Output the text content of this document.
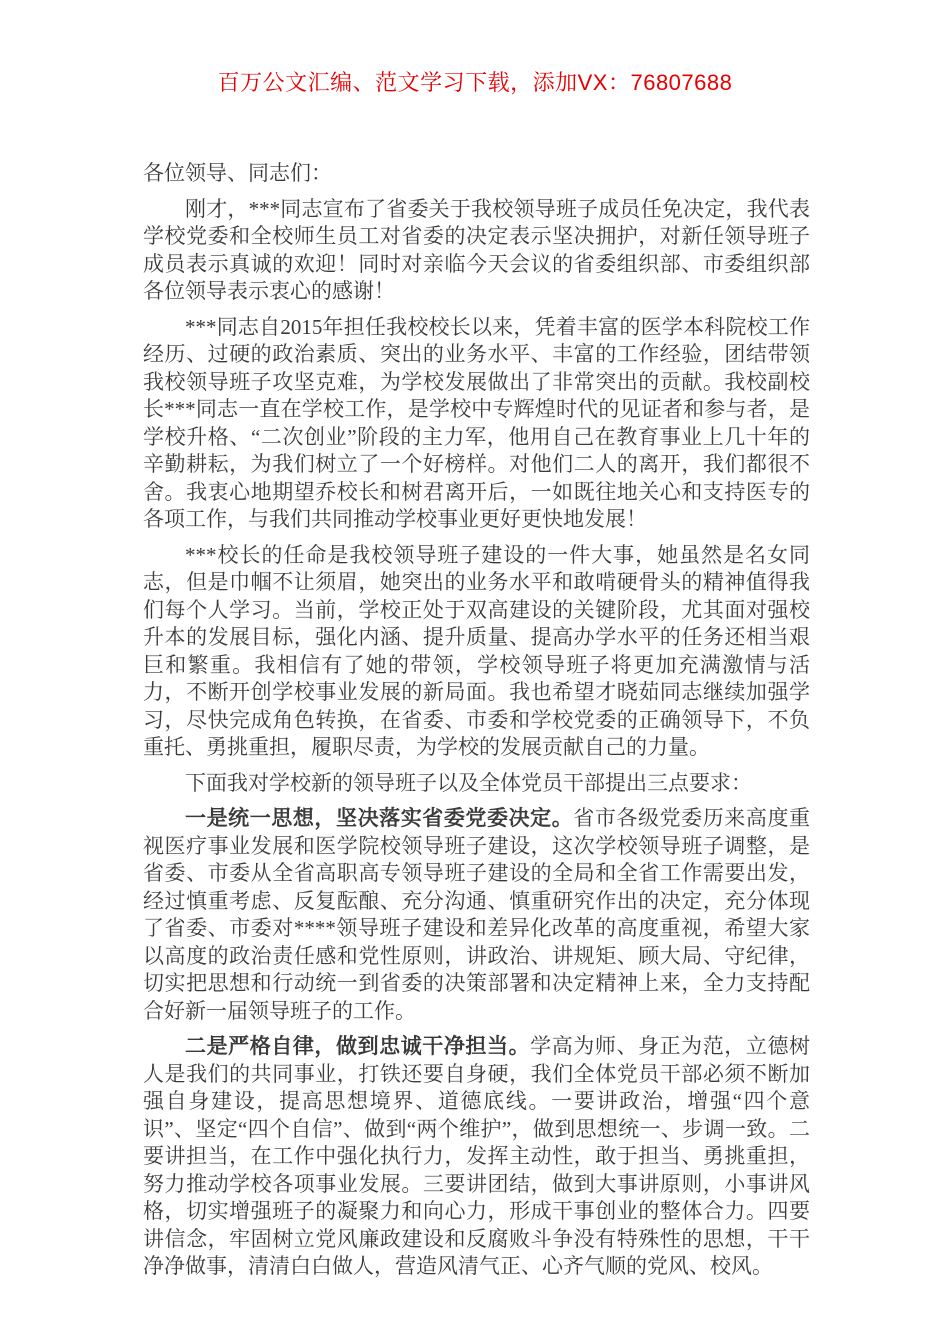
百万公文汇编、范文学习下载，添加VX：76807688

各位领导、同志们：

刚才，***同志宣布了省委关于我校领导班子成员任免决定，我代表学校党委和全校师生员工对省委的决定表示坚决拥护，对新任领导班子成员表示真诚的欢迎！同时对亲临今天会议的省委组织部、市委组织部各位领导表示衷心的感谢！

***同志自2015年担任我校校长以来，凭着丰富的医学本科院校工作经历、过硬的政治素质、突出的业务水平、丰富的工作经验，团结带领我校领导班子攻坚克难，为学校发展做出了非常突出的贡献。我校副校长***同志一直在学校工作，是学校中专辉煌时代的见证者和参与者，是学校升格、“二次创业”阶段的主力军，他用自己在教育事业上几十年的辛勤耕耘，为我们树立了一个好榜样。对他们二人的离开，我们都很不舍。我衷心地期望乔校长和树君离开后，一如既往地关心和支持医专的各项工作，与我们共同推动学校事业更好更快地发展！

***校长的任命是我校领导班子建设的一件大事，她虽然是名女同志，但是巾帼不让须眉，她突出的业务水平和敢啃硬骨头的精神值得我们每个人学习。当前，学校正处于双高建设的关键阶段，尤其面对强校升本的发展目标，强化内涵、提升质量、提高办学水平的任务还相当艰巨和繁重。我相信有了她的带领，学校领导班子将更加充满激情与活力，不断开创学校事业发展的新局面。我也希望才晓茹同志继续加强学习，尽快完成角色转换，在省委、市委和学校党委的正确领导下，不负重托、勇挑重担，履职尽责，为学校的发展贡献自己的力量。

下面我对学校新的领导班子以及全体党员干部提出三点要求：

一是统一思想，坚决落实省委党委决定。省市各级党委历来高度重视医疗事业发展和医学院校领导班子建设，这次学校领导班子调整，是省委、市委从全省高职高专领导班子建设的全局和全省工作需要出发，经过慎重考虑、反复酝酿、充分沟通、慎重研究作出的决定，充分体现了省委、市委对****领导班子建设和差异化改革的高度重视，希望大家以高度的政治责任感和党性原则，讲政治、讲规矩、顾大局、守纪律，切实把思想和行动统一到省委的决策部署和决定精神上来，全力支持配合好新一届领导班子的工作。

二是严格自律，做到忠诚干净担当。学高为师、身正为范，立德树人是我们的共同事业，打铁还要自身硬，我们全体党员干部必须不断加强自身建设，提高思想境界、道德底线。一要讲政治，增强“四个意识”、坚定“四个自信”、做到“两个维护”，做到思想统一、步调一致。二要讲担当，在工作中强化执行力，发挥主动性，敢于担当、勇挑重担，努力推动学校各项事业发展。三要讲团结，做到大事讲原则，小事讲风格，切实增强班子的凝聚力和向心力，形成干事创业的整体合力。四要讲信念，牢固树立党风廉政建设和反腐败斗争没有特殊性的思想，干干净净做事，清清白白做人，营造风清气正、心齐气顺的党风、校风。
